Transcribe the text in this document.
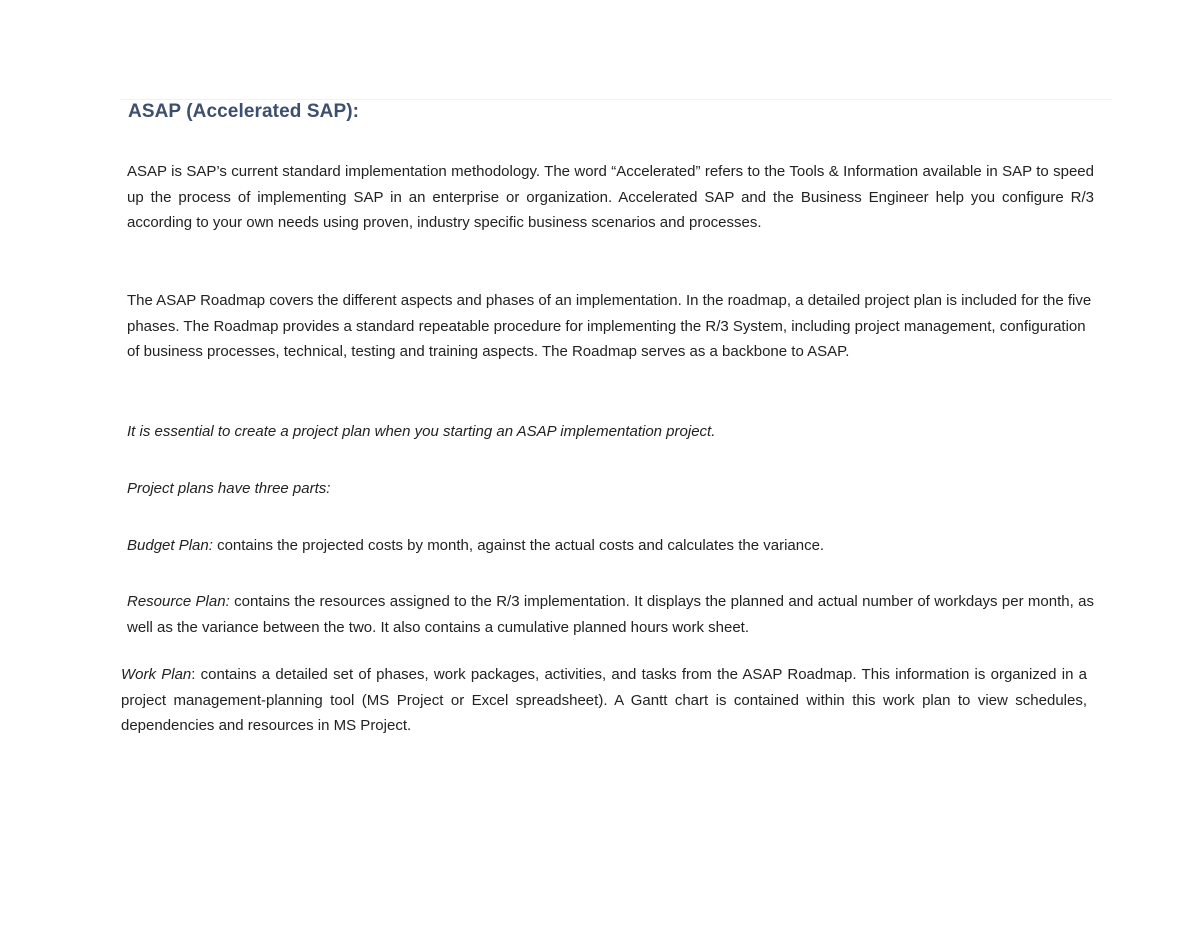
ASAP (Accelerated SAP):

ASAP is SAP’s current standard implementation methodology. The word “Accelerated” refers to the Tools & Information available in SAP to speed up the process of implementing SAP in an enterprise or organization. Accelerated SAP and the Business Engineer help you configure R/3 according to your own needs using proven, industry specific business scenarios and processes.

The ASAP Roadmap covers the different aspects and phases of an implementation. In the roadmap, a detailed project plan is included for the five phases. The Roadmap provides a standard repeatable procedure for implementing the R/3 System, including project management, configuration of business processes, technical, testing and training aspects. The Roadmap serves as a backbone to ASAP.

It is essential to create a project plan when you starting an ASAP implementation project.

Project plans have three parts:

Budget Plan: contains the projected costs by month, against the actual costs and calculates the variance.

Resource Plan: contains the resources assigned to the R/3 implementation. It displays the planned and actual number of workdays per month, as well as the variance between the two. It also contains a cumulative planned hours work sheet.

Work Plan: contains a detailed set of phases, work packages, activities, and tasks from the ASAP Roadmap. This information is organized in a project management-planning tool (MS Project or Excel spreadsheet). A Gantt chart is contained within this work plan to view schedules, dependencies and resources in MS Project.
